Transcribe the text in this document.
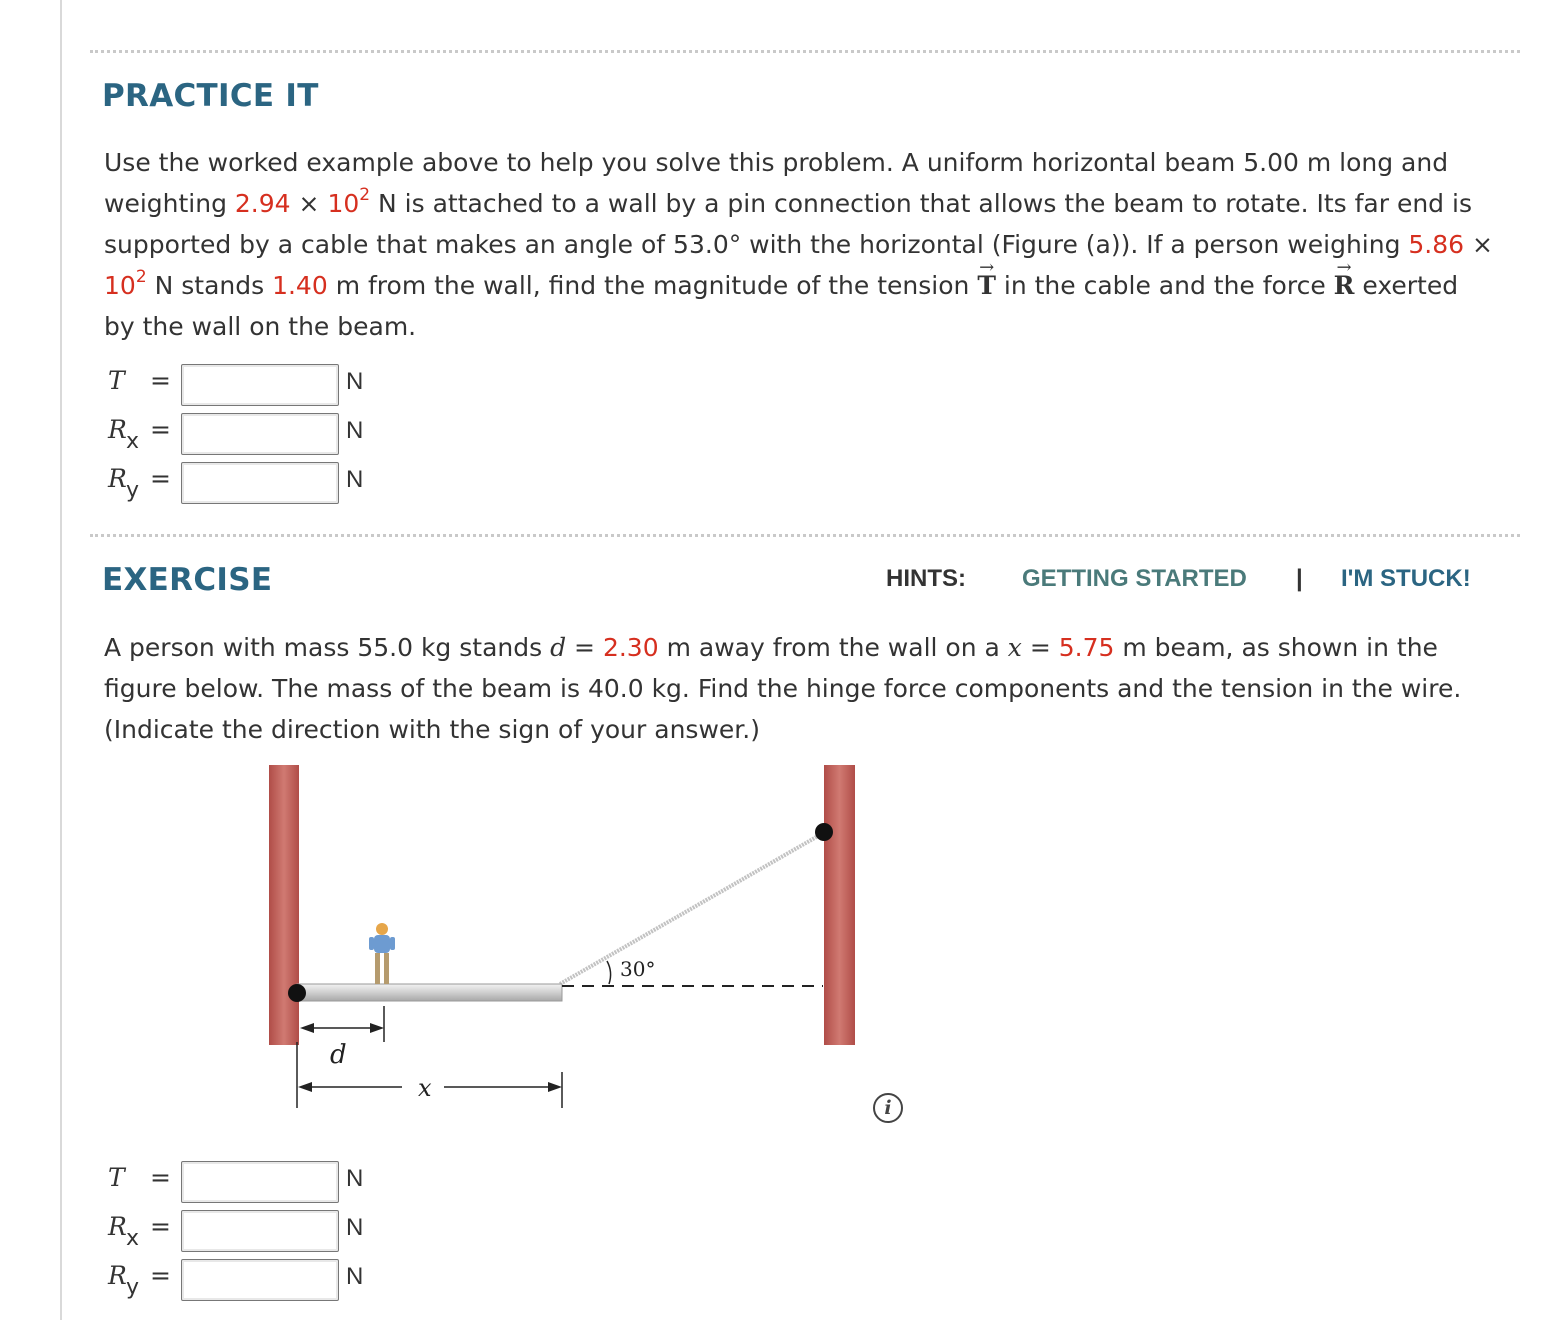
PRACTICE IT

Use the worked example above to help you solve this problem. A uniform horizontal beam 5.00 m long and weighting $2.94 \times 10^2$ N is attached to a wall by a pin connection that allows the beam to rotate. Its far end is supported by a cable that makes an angle of 53.0° with the horizontal (Figure (a)). If a person weighing $5.86 \times 10^2$ N stands 1.40 m from the wall, find the magnitude of the tension → T in the cable and the force → R exerted by the wall on the beam.

T =	N
R x =	N
R y =	N
EXERCISE	HINTS: GETTING STARTED | I'M STUCK!

A person with mass 55.0 kg stands d = 2.30 m away from the wall on a x = 5.75 m beam, as shown in the figure below. The mass of the beam is 40.0 kg. Find the hinge force components and the tension in the wire. (Indicate the direction with the sign of your answer.)

30°
d
x
i
T =	N
R x =	N
R y =	N
